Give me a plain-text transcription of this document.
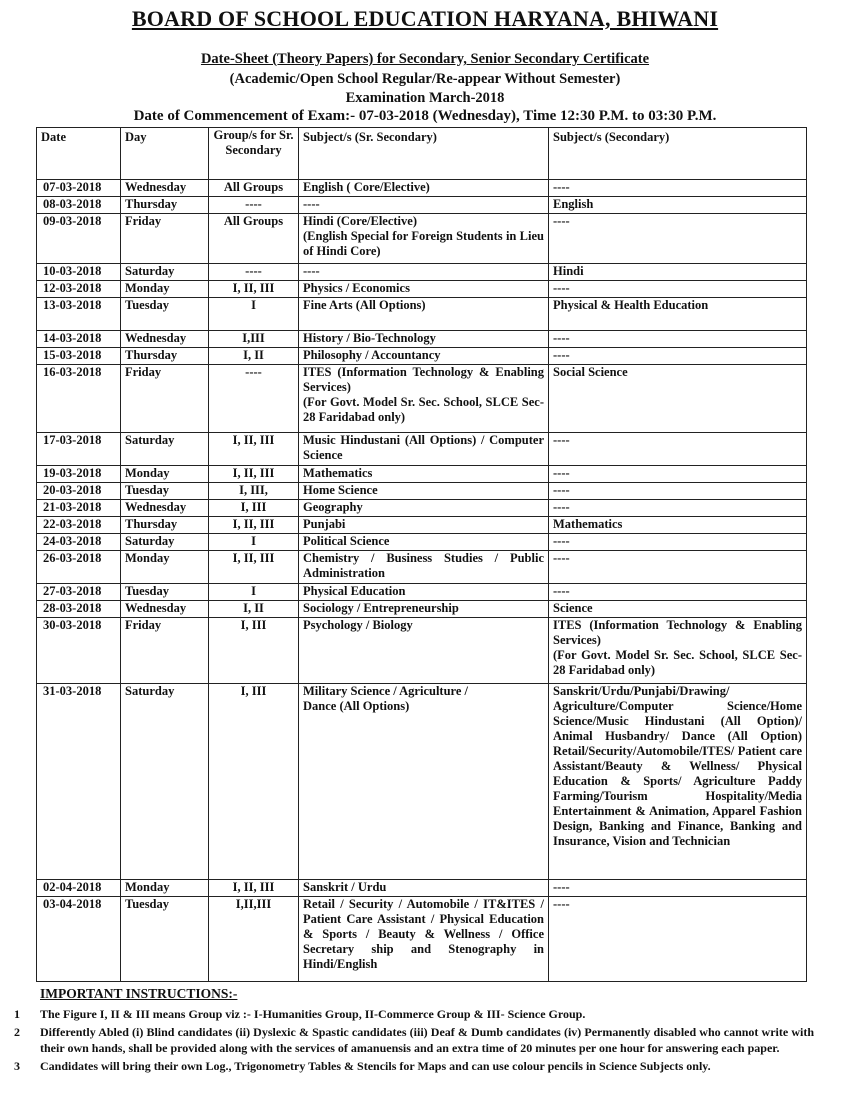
BOARD OF SCHOOL EDUCATION HARYANA, BHIWANI
Date-Sheet (Theory Papers) for Secondary, Senior Secondary Certificate
(Academic/Open School Regular/Re-appear Without Semester)
Examination March-2018
Date of Commencement of Exam:- 07-03-2018 (Wednesday), Time 12:30 P.M. to 03:30 P.M.
Date	Day	Group/s for Sr. Secondary	Subject/s (Sr. Secondary)	Subject/s (Secondary)
07-03-2018	Wednesday	All Groups	English ( Core/Elective)	----
08-03-2018	Thursday	----	----	English
09-03-2018	Friday	All Groups	Hindi (Core/Elective)
(English Special for Foreign Students in Lieu of Hindi Core)	----
10-03-2018	Saturday	----	----	Hindi
12-03-2018	Monday	I, II, III	Physics / Economics	----
13-03-2018	Tuesday	I	Fine Arts (All Options)	Physical & Health Education
14-03-2018	Wednesday	I,III	History / Bio-Technology	----
15-03-2018	Thursday	I, II	Philosophy / Accountancy	----
16-03-2018	Friday	----	ITES (Information Technology & Enabling Services)
(For Govt. Model Sr. Sec. School, SLCE Sec-28 Faridabad only)	Social Science
17-03-2018	Saturday	I, II, III	Music Hindustani (All Options) / Computer Science	----
19-03-2018	Monday	I, II, III	Mathematics	----
20-03-2018	Tuesday	I, III,	Home Science	----
21-03-2018	Wednesday	I, III	Geography	----
22-03-2018	Thursday	I, II, III	Punjabi	Mathematics
24-03-2018	Saturday	I	Political Science	----
26-03-2018	Monday	I, II, III	Chemistry / Business Studies / Public Administration	----
27-03-2018	Tuesday	I	Physical Education	----
28-03-2018	Wednesday	I, II	Sociology / Entrepreneurship	Science
30-03-2018	Friday	I, III	Psychology / Biology	ITES (Information Technology & Enabling Services)
(For Govt. Model Sr. Sec. School, SLCE Sec-28 Faridabad only)
31-03-2018	Saturday	I, III	Military Science / Agriculture /
Dance (All Options)	Sanskrit/Urdu/Punjabi/Drawing/ Agriculture/Computer Science/Home Science/Music Hindustani (All Option)/ Animal Husbandry/ Dance (All Option) Retail/Security/Automobile/ITES/ Patient care Assistant/Beauty & Wellness/ Physical Education & Sports/ Agriculture Paddy Farming/Tourism Hospitality/Media Entertainment & Animation, Apparel Fashion Design, Banking and Finance, Banking and Insurance, Vision and Technician
02-04-2018	Monday	I, II, III	Sanskrit / Urdu	----
03-04-2018	Tuesday	I,II,III	Retail / Security / Automobile / IT&ITES / Patient Care Assistant / Physical Education & Sports / Beauty & Wellness / Office Secretary ship and Stenography in Hindi/English	----
IMPORTANT INSTRUCTIONS:-
1 The Figure I, II & III means Group viz :- I-Humanities Group, II-Commerce Group & III- Science Group.
2 Differently Abled (i) Blind candidates (ii) Dyslexic & Spastic candidates (iii) Deaf & Dumb candidates (iv) Permanently disabled who cannot write with their own hands, shall be provided along with the services of amanuensis and an extra time of 20 minutes per one hour for answering each paper.
3 Candidates will bring their own Log., Trigonometry Tables & Stencils for Maps and can use colour pencils in Science Subjects only.
